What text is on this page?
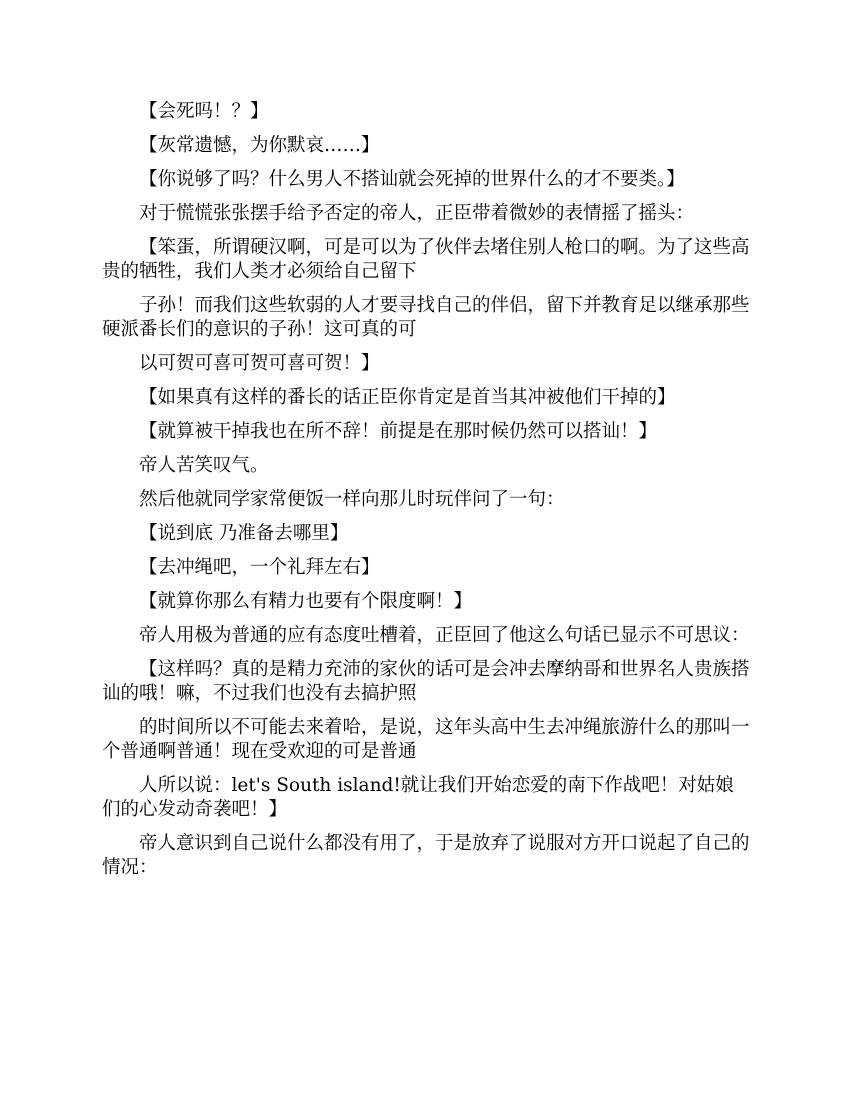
【会死吗！？】

【灰常遗憾，为你默哀……】

【你说够了吗？什么男人不搭讪就会死掉的世界什么的才不要类。】

对于慌慌张张摆手给予否定的帝人，正臣带着微妙的表情摇了摇头：

【笨蛋，所谓硬汉啊，可是可以为了伙伴去堵住别人枪口的啊。为了这些高贵的牺牲，我们人类才必须给自己留下

子孙！而我们这些软弱的人才要寻找自己的伴侣，留下并教育足以继承那些硬派番长们的意识的子孙！这可真的可

以可贺可喜可贺可喜可贺！】

【如果真有这样的番长的话正臣你肯定是首当其冲被他们干掉的】

【就算被干掉我也在所不辞！前提是在那时候仍然可以搭讪！】

帝人苦笑叹气。

然后他就同学家常便饭一样向那儿时玩伴问了一句：

【说到底 乃准备去哪里】

【去冲绳吧，一个礼拜左右】

【就算你那么有精力也要有个限度啊！】

帝人用极为普通的应有态度吐槽着，正臣回了他这么句话已显示不可思议：

【这样吗？真的是精力充沛的家伙的话可是会冲去摩纳哥和世界名人贵族搭讪的哦！嘛，不过我们也没有去搞护照

的时间所以不可能去来着哈，是说，这年头高中生去冲绳旅游什么的那叫一个普通啊普通！现在受欢迎的可是普通

人所以说：let's South island!就让我们开始恋爱的南下作战吧！对姑娘们的心发动奇袭吧！】

帝人意识到自己说什么都没有用了，于是放弃了说服对方开口说起了自己的情况：
